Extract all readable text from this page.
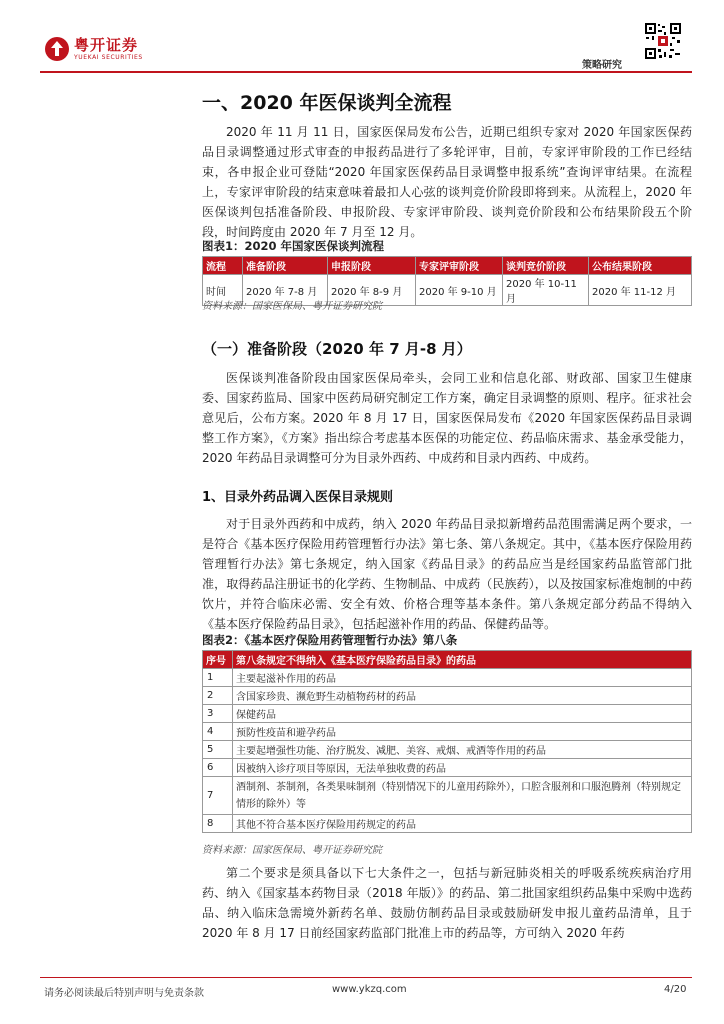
粤开证券
YUEKAI SECURITIES
策略研究
一、2020 年医保谈判全流程

2020 年 11 月 11 日，国家医保局发布公告，近期已组织专家对 2020 年国家医保药品目录调整通过形式审查的申报药品进行了多轮评审，目前，专家评审阶段的工作已经结束，各申报企业可登陆“2020 年国家医保药品目录调整申报系统”查询评审结果。在流程上，专家评审阶段的结束意味着最扣人心弦的谈判竞价阶段即将到来。从流程上，2020 年医保谈判包括准备阶段、申报阶段、专家评审阶段、谈判竞价阶段和公布结果阶段五个阶段，时间跨度由 2020 年 7 月至 12 月。

图表1：2020 年国家医保谈判流程
流程	准备阶段	申报阶段	专家评审阶段	谈判竞价阶段	公布结果阶段
时间	2020 年 7-8 月	2020 年 8-9 月	2020 年 9-10 月	2020 年 10-11 月	2020 年 11-12 月
资料来源：国家医保局、粤开证券研究院
（一）准备阶段（2020 年 7 月-8 月）

医保谈判准备阶段由国家医保局牵头，会同工业和信息化部、财政部、国家卫生健康委、国家药监局、国家中医药局研究制定工作方案，确定目录调整的原则、程序。征求社会意见后，公布方案。2020 年 8 月 17 日，国家医保局发布《2020 年国家医保药品目录调整工作方案》，《方案》指出综合考虑基本医保的功能定位、药品临床需求、基金承受能力，2020 年药品目录调整可分为目录外西药、中成药和目录内西药、中成药。

1、目录外药品调入医保目录规则

对于目录外西药和中成药，纳入 2020 年药品目录拟新增药品范围需满足两个要求，一是符合《基本医疗保险用药管理暂行办法》第七条、第八条规定。其中，《基本医疗保险用药管理暂行办法》第七条规定，纳入国家《药品目录》的药品应当是经国家药品监管部门批准，取得药品注册证书的化学药、生物制品、中成药（民族药），以及按国家标准炮制的中药饮片，并符合临床必需、安全有效、价格合理等基本条件。第八条规定部分药品不得纳入《基本医疗保险药品目录》，包括起滋补作用的药品、保健药品等。

图表2：《基本医疗保险用药管理暂行办法》第八条
序号	第八条规定不得纳入《基本医疗保险药品目录》的药品
1	主要起滋补作用的药品
2	含国家珍贵、濒危野生动植物药材的药品
3	保健药品
4	预防性疫苗和避孕药品
5	主要起增强性功能、治疗脱发、减肥、美容、戒烟、戒酒等作用的药品
6	因被纳入诊疗项目等原因，无法单独收费的药品
7	酒制剂、茶制剂，各类果味制剂（特别情况下的儿童用药除外），口腔含服剂和口服泡腾剂（特别规定情形的除外）等
8	其他不符合基本医疗保险用药规定的药品
资料来源：国家医保局、粤开证券研究院

第二个要求是须具备以下七大条件之一，包括与新冠肺炎相关的呼吸系统疾病治疗用药、纳入《国家基本药物目录（2018 年版）》的药品、第二批国家组织药品集中采购中选药品、纳入临床急需境外新药名单、鼓励仿制药品目录或鼓励研发申报儿童药品清单，且于 2020 年 8 月 17 日前经国家药监部门批准上市的药品等，方可纳入 2020 年药

请务必阅读最后特别声明与免责条款	www.ykzq.com	4/20
